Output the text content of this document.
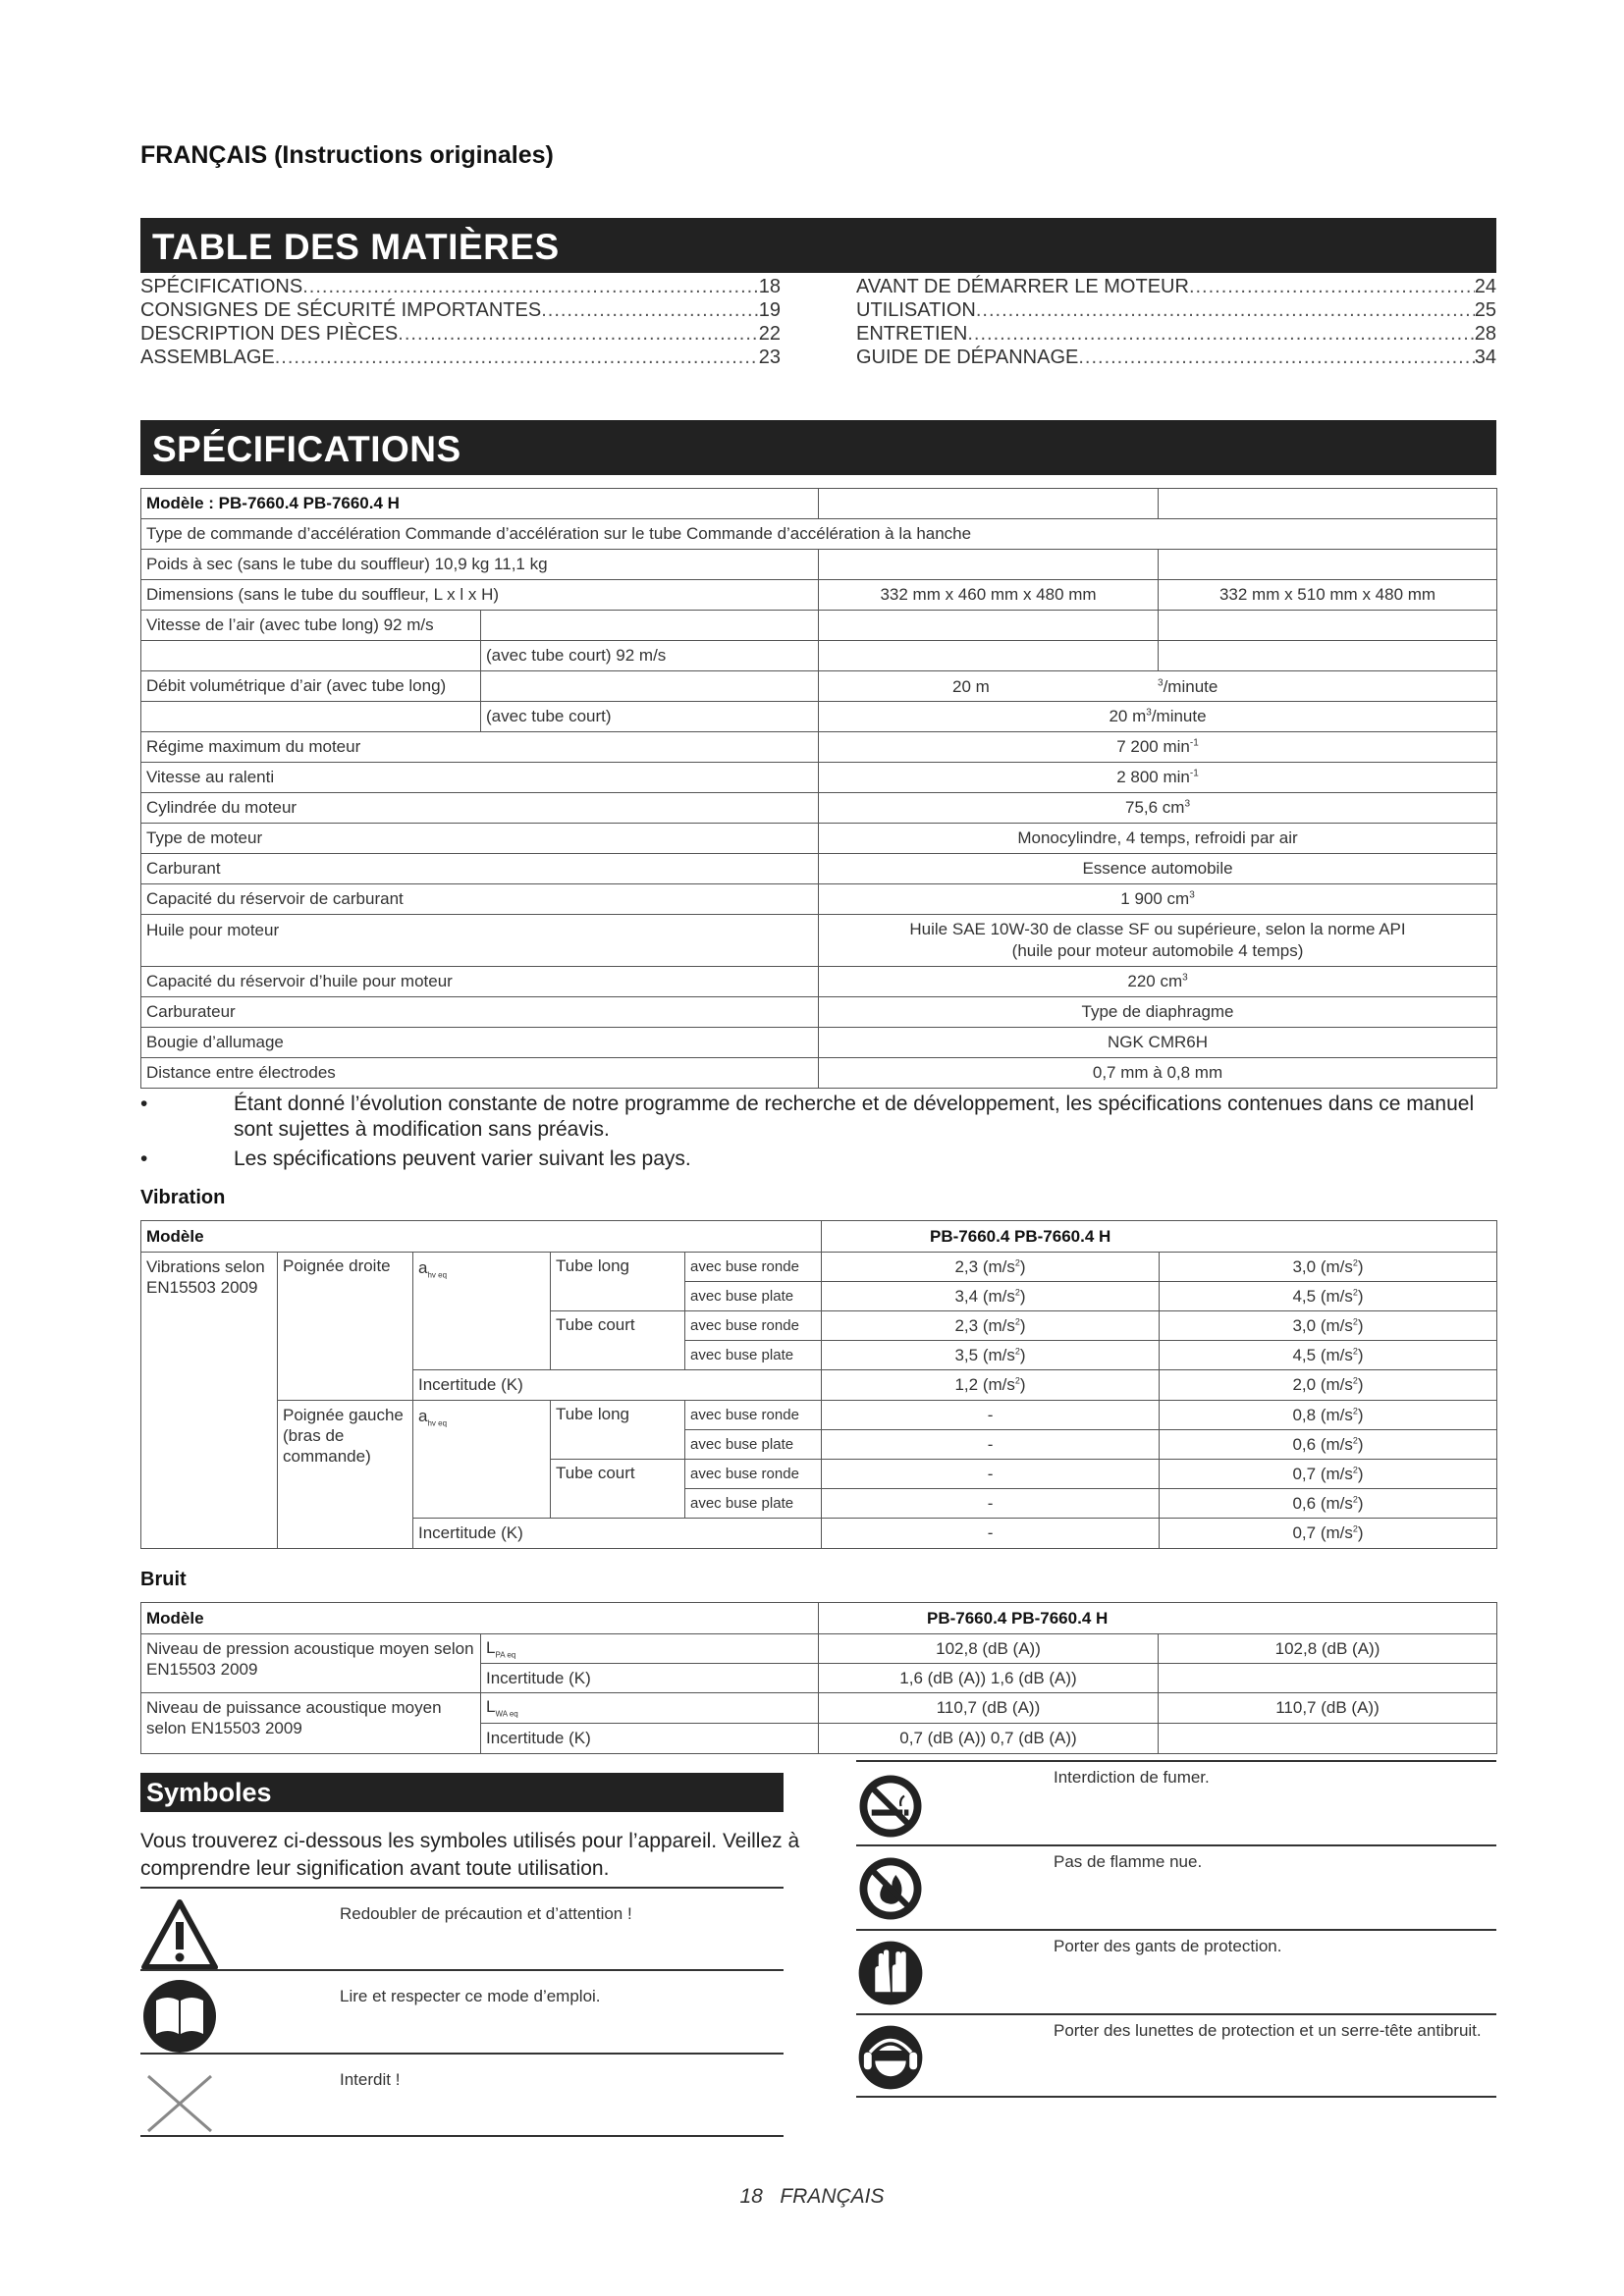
FRANÇAIS (Instructions originales)
TABLE DES MATIÈRES
SPÉCIFICATIONS .....	18
CONSIGNES DE SÉCURITÉ IMPORTANTES .....	19
DESCRIPTION DES PIÈCES .....	22
ASSEMBLAGE .....	23
AVANT DE DÉMARRER LE MOTEUR .....	24
UTILISATION .....	25
ENTRETIEN .....	28
GUIDE DE DÉPANNAGE .....	34
SPÉCIFICATIONS
Modèle : PB-7660.4 PB-7660.4 H			
Type de commande d’accélération Commande d’accélération sur le tube Commande d’accélération à la hanche			
Poids à sec (sans le tube du souffleur) 10,9 kg 11,1 kg			
Dimensions (sans le tube du souffleur, L x l x H)		332 mm x 460 mm x 480 mm	332 mm x 510 mm x 480 mm
Vitesse de l’air (avec tube long) 92 m/s			
	(avec tube court) 92 m/s		
Débit volumétrique d’air (avec tube long)		20 m $^3$/minute	

	(avec tube court)	20 $m^3$/minute	
Régime maximum du moteur		7 200 $\min^{-1}$
Vitesse au ralenti		2 800 $\min^{-1}$
Cylindrée du moteur		75,6 $cm^3$
Type de moteur		Monocylindre, 4 temps, refroidi par air	
Carburant		Essence automobile	
Capacité du réservoir de carburant		1 900 $cm^3$
Huile pour moteur		Huile SAE 10W-30 de classe SF ou supérieure, selon la norme API
(huile pour moteur automobile 4 temps)	

Capacité du réservoir d’huile pour moteur		220 $cm^3$
Carburateur		Type de diaphragme	
Bougie d’allumage		NGK CMR6H	
Distance entre électrodes		0,7 mm à 0,8 mm	
• Étant donné l’évolution constante de notre programme de recherche et de développement, les spécifications contenues dans ce manuel sont sujettes à modification sans préavis.
• Les spécifications peuvent varier suivant les pays.
Vibration
Modèle					PB-7660.4 PB-7660.4 H	
Vibrations selon EN15503 2009	Poignée droite	$a_{hv eq}$	Tube long	avec buse ronde	2,3 $(m/s^2)$	3,0 $(m/s^2)$
				avec buse plate	3,4 $(m/s^2)$	4,5 $(m/s^2)$
			Tube court	avec buse ronde	2,3 $(m/s^2)$	3,0 $(m/s^2)$
				avec buse plate	3,5 $(m/s^2)$	4,5 $(m/s^2)$
		Incertitude (K)			1,2 $(m/s^2)$	2,0 $(m/s^2)$
	Poignée gauche (bras de commande)	$a_{hv eq}$	Tube long	avec buse ronde	-	0,8 $(m/s^2)$
				avec buse plate	-	0,6 $(m/s^2)$
			Tube court	avec buse ronde	-	0,7 $(m/s^2)$
				avec buse plate	-	0,6 $(m/s^2)$
		Incertitude (K)			-	0,7 $(m/s^2)$
Bruit
Modèle		PB-7660.4 PB-7660.4 H	
Niveau de pression acoustique moyen selon EN15503 2009	$L_{PA eq}$	102,8 (dB (A))	102,8 (dB (A))
	Incertitude (K)	1,6 (dB (A)) 1,6 (dB (A))	
Niveau de puissance acoustique moyen selon EN15503 2009	$L_{WA eq}$	110,7 (dB (A))	110,7 (dB (A))
	Incertitude (K)	0,7 (dB (A)) 0,7 (dB (A))	
Symboles
Vous trouverez ci-dessous les symboles utilisés pour l’appareil. Veillez à comprendre leur signification avant toute utilisation.
Redoubler de précaution et d’attention !
Lire et respecter ce mode d’emploi.
Interdit !
Interdiction de fumer.
Pas de flamme nue.
Porter des gants de protection.
Porter des lunettes de protection et un serre-tête antibruit.
18 FRANÇAIS
